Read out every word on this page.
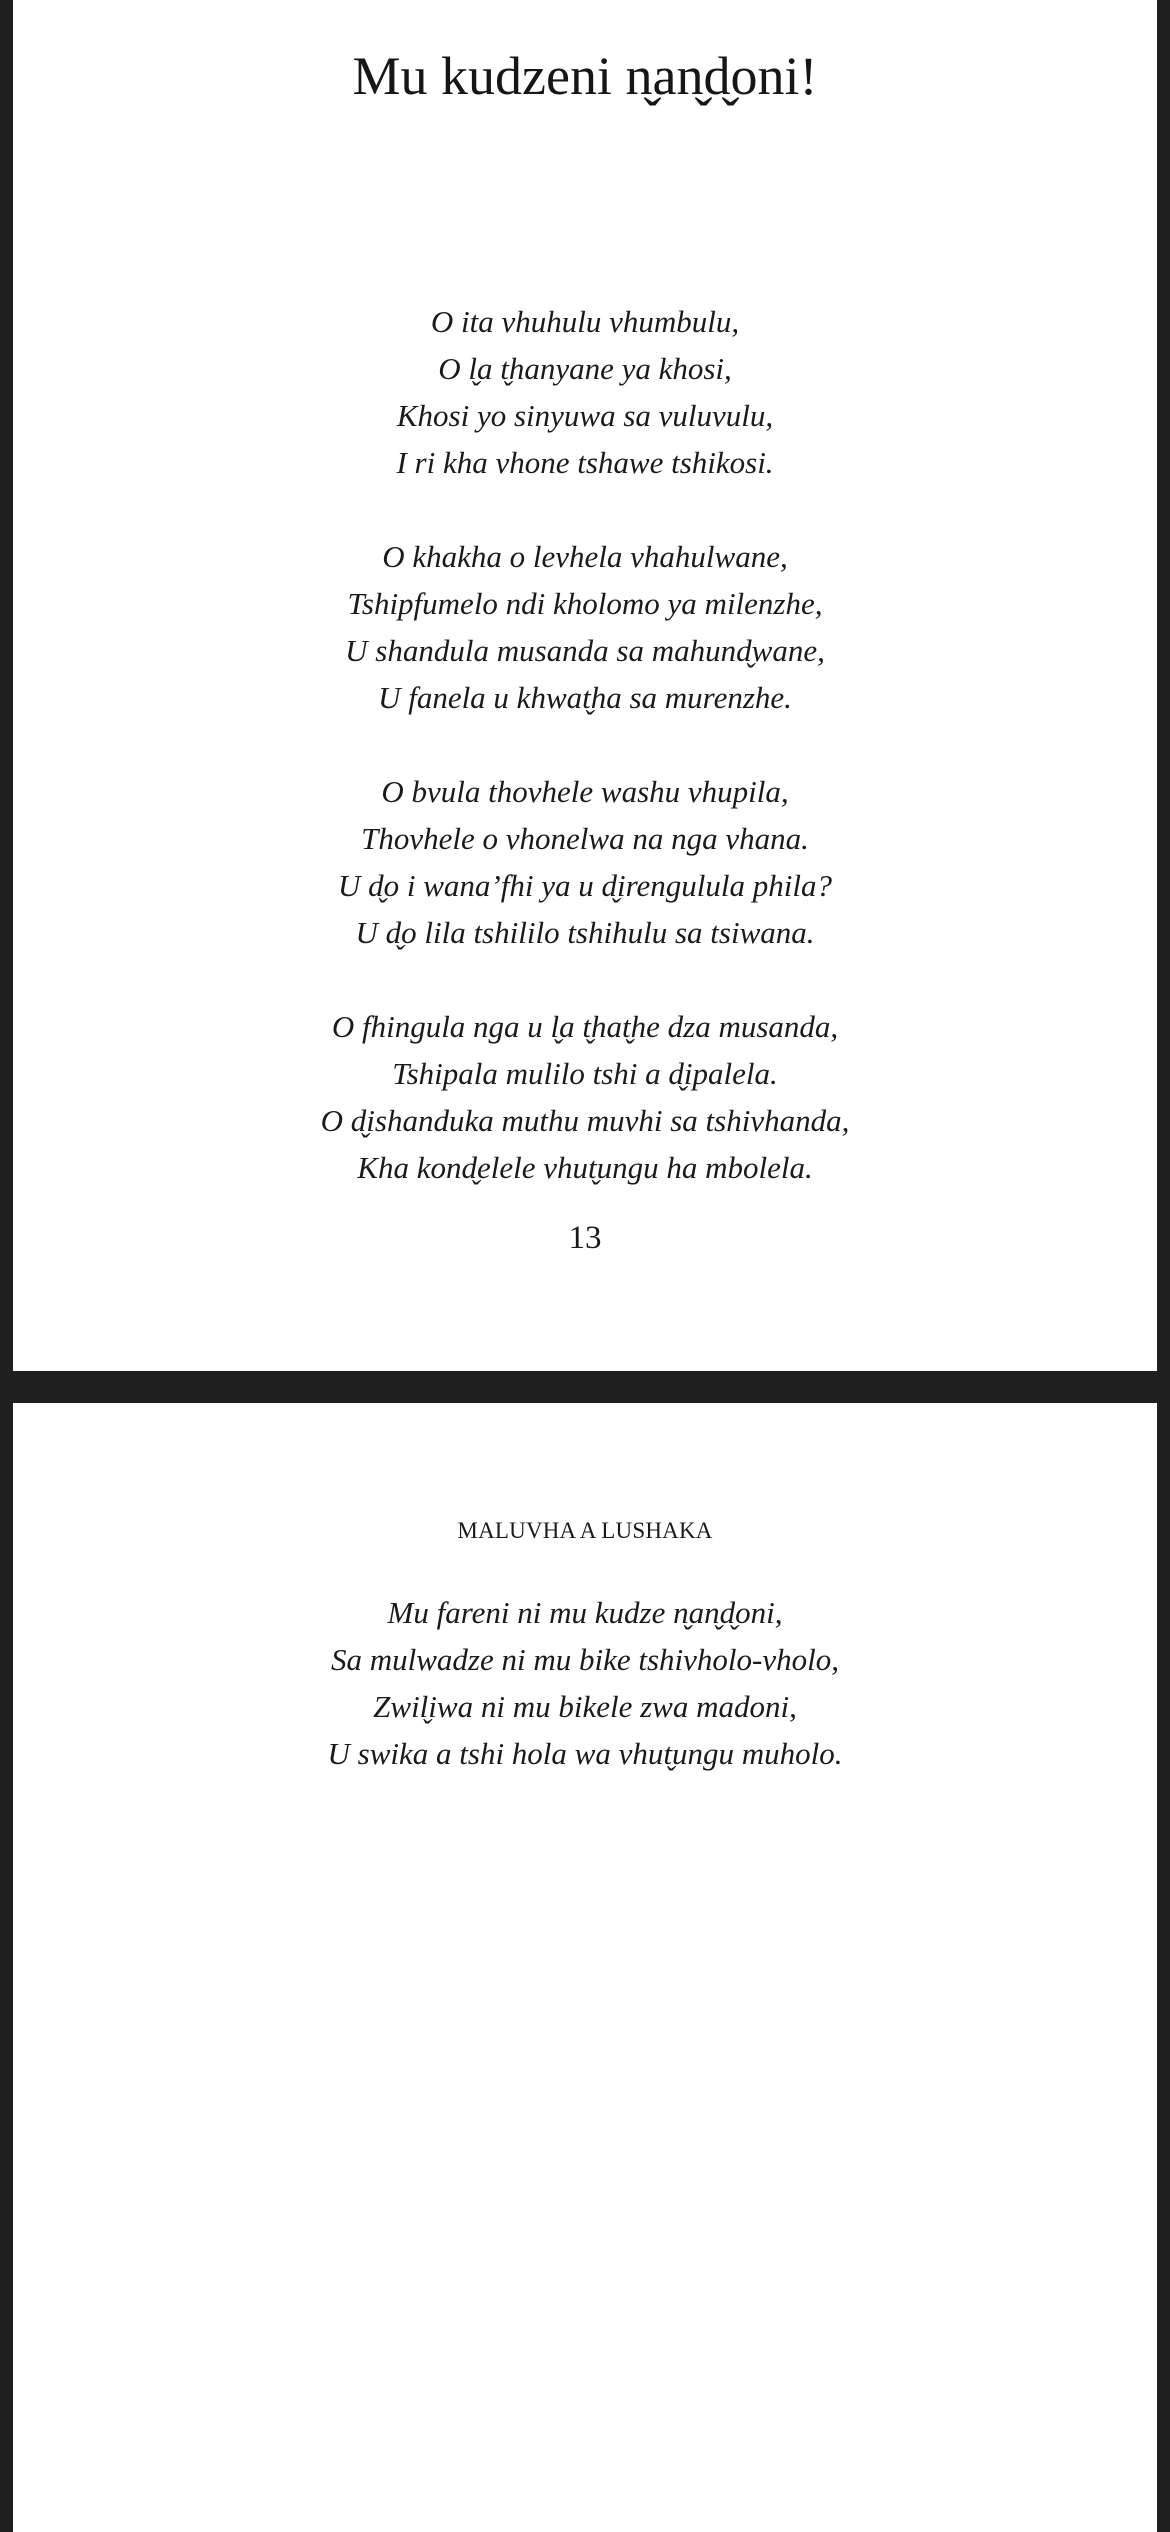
Mu kudzeni n̬an̬d̬oni!

O ita vhuhulu vhumbulu,
O l̬a t̬hanyane ya khosi,
Khosi yo sinyuwa sa vuluvulu,
I ri kha vhone tshawe tshikosi.

O khakha o levhela vhahulwane,
Tshipfumelo ndi kholomo ya milenzhe,
U shandula musanda sa mahund̬wane,
U fanela u khwat̬ha sa murenzhe.

O bvula thovhele washu vhupila,
Thovhele o vhonelwa na nga vhana.
U d̬o i wana’fhi ya u d̬irengulula phila?
U d̬o lila tshililo tshihulu sa tsiwana.

O fhingula nga u l̬a t̬hat̬he dza musanda,
Tshipala mulilo tshi a d̬ipalela.
O d̬ishanduka muthu muvhi sa tshivhanda,
Kha kond̬elele vhut̬ungu ha mbolela.

13
MALUVHA A LUSHAKA

Mu fareni ni mu kudze n̬an̬d̬oni,
Sa mulwadze ni mu bike tshivholo-vholo,
Zwil̬iwa ni mu bikele zwa madoni,
U swika a tshi hola wa vhut̬ungu muholo.
